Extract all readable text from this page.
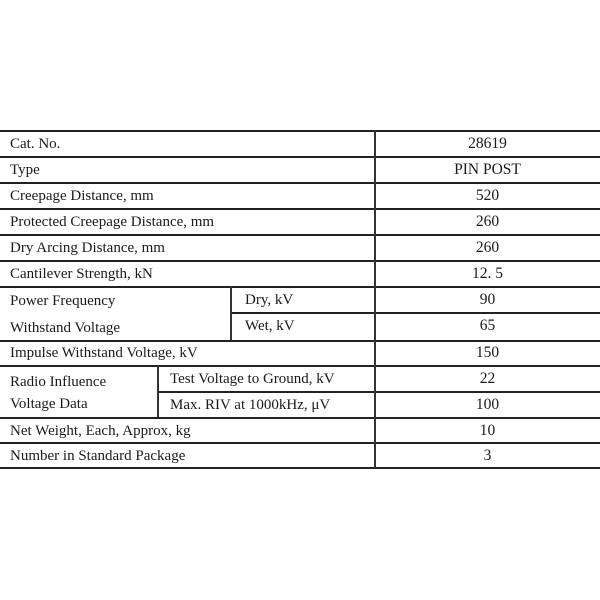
Cat. No.	28619
Type	PIN POST
Creepage Distance, mm	520
Protected Creepage Distance, mm	260
Dry Arcing Distance, mm	260
Cantilever Strength, kN	12. 5
Power Frequency
Withstand Voltage
Dry, kV	90
Wet, kV	65
Impulse Withstand Voltage, kV	150
Radio Influence
Voltage Data
Test Voltage to Ground, kV	22
Max. RIV at 1000kHz, μV	100
Net Weight, Each, Approx, kg	10
Number in Standard Package	3
